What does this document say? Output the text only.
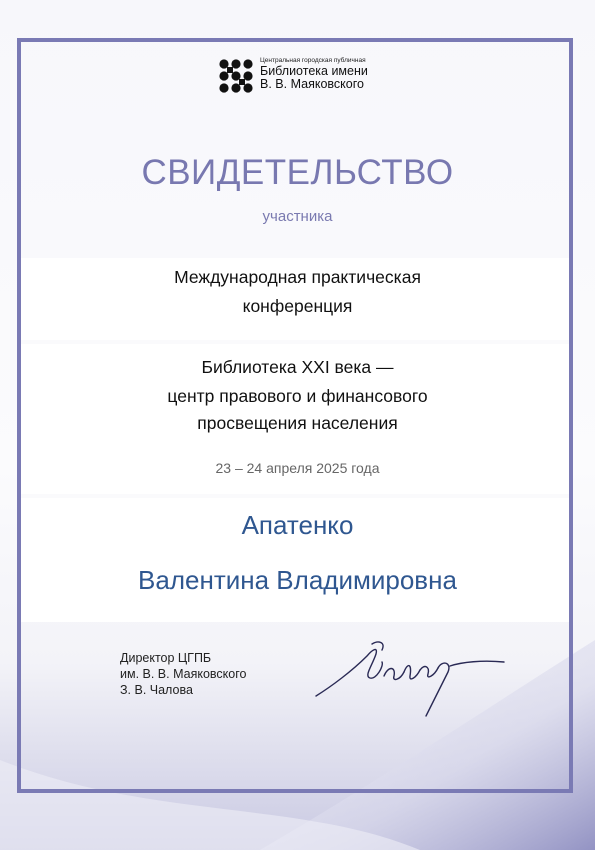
Центральная городская публичная
Библиотека имени
В. В. Маяковского
СВИДЕТЕЛЬСТВО
участника
Международная практическая
конференция
Библиотека XXI века —
центр правового и финансового
просвещения населения
23 – 24 апреля 2025 года
Апатенко
Валентина Владимировна
Директор ЦГПБ
им. В. В. Маяковского
З. В. Чалова
